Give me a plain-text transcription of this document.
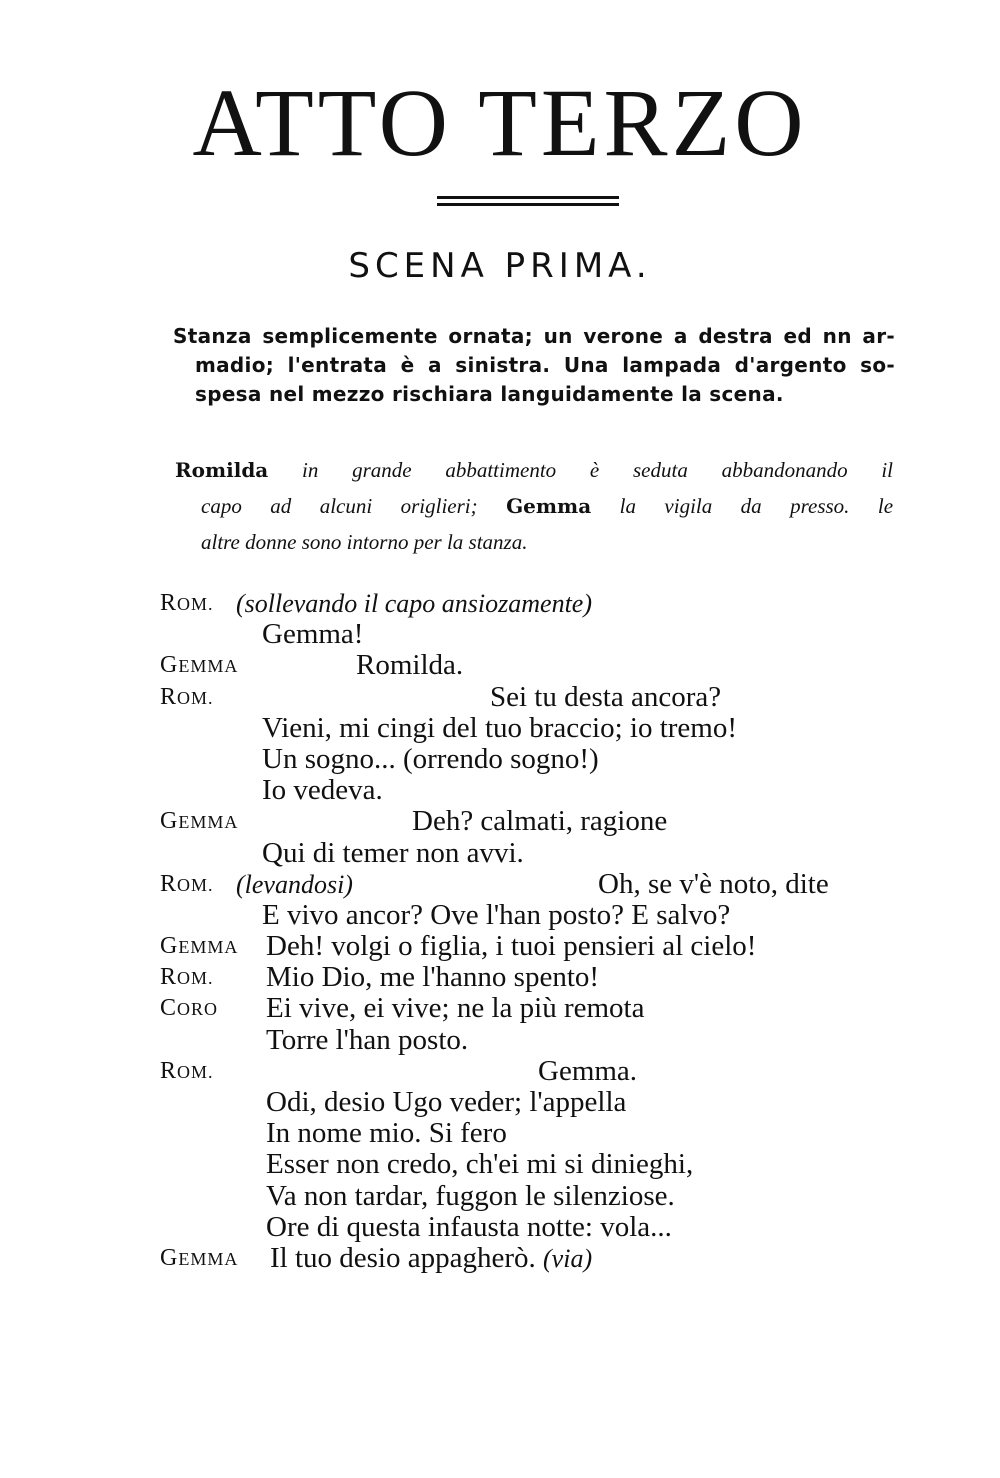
ATTO TERZO
SCENA PRIMA.

Stanza semplicemente ornata; un verone a destra ed nn ar-
madio; l'entrata è a sinistra. Una lampada d'argento so-
spesa nel mezzo rischiara languidamente la scena.

Romilda in grande abbattimento è seduta abbandonando il
capo ad alcuni origlieri; Gemma la vigila da presso. le
altre donne sono intorno per la stanza.

ROM. (sollevando il capo ansiozamente)
Gemma!
GEMMA	Romilda.
ROM.	Sei tu desta ancora?
Vieni, mi cingi del tuo braccio; io tremo!
Un sogno... (orrendo sogno!)
Io vedeva.
GEMMA	Deh? calmati, ragione
Qui di temer non avvi.
ROM. (levandosi)	Oh, se v'è noto, dite
E vivo ancor? Ove l'han posto? E salvo?
GEMMA Deh! volgi o figlia, i tuoi pensieri al cielo!
ROM. Mio Dio, me l'hanno spento!
CORO Ei vive, ei vive; ne la più remota
Torre l'han posto.
ROM.	Gemma.
Odi, desio Ugo veder; l'appella
In nome mio. Si fero
Esser non credo, ch'ei mi si dinieghi,
Va non tardar, fuggon le silenziose.
Ore di questa infausta notte: vola...
GEMMA Il tuo desio appagherò. (via)
